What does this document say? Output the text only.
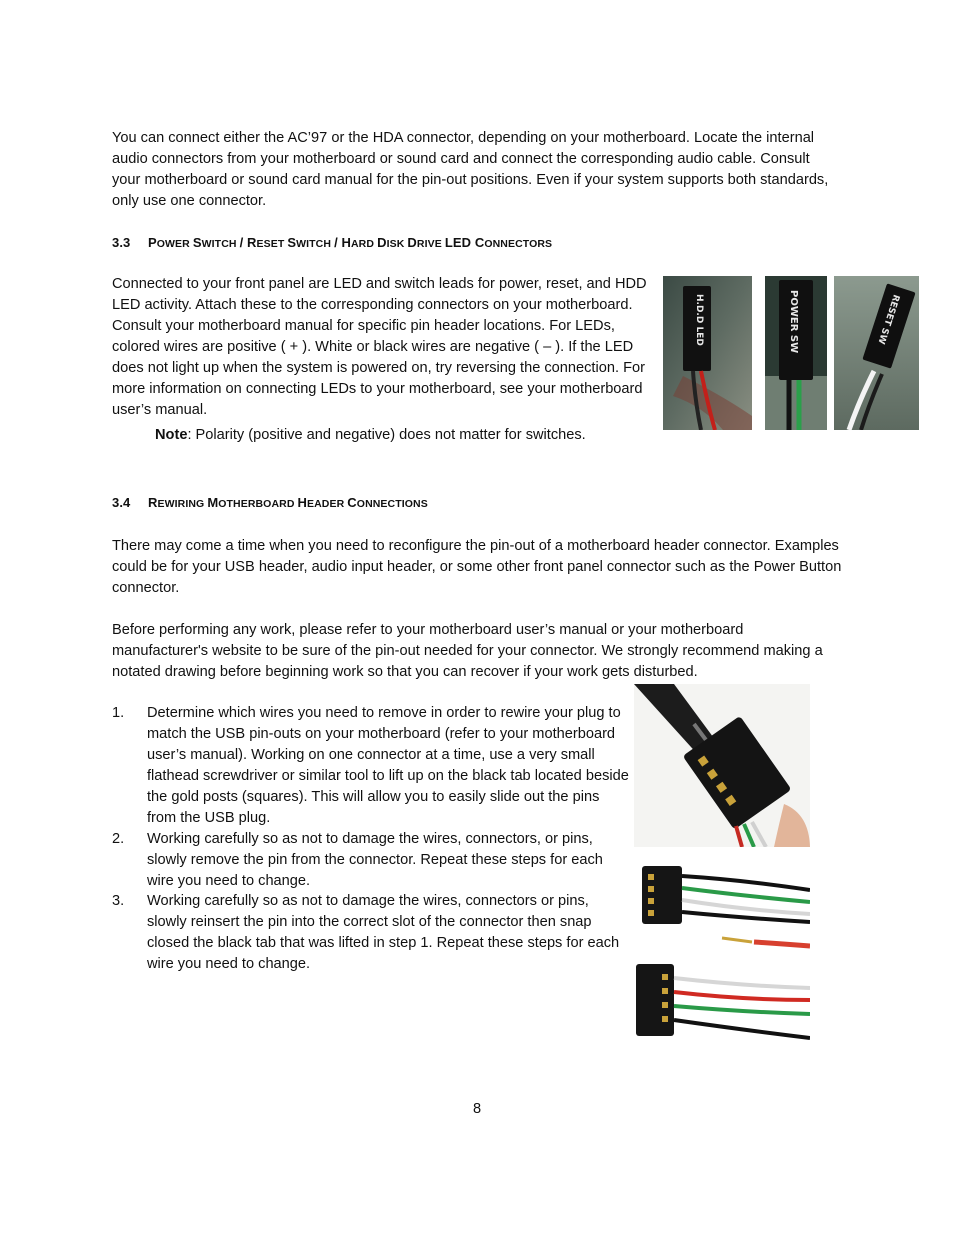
You can connect either the AC’97 or the HDA connector, depending on your motherboard. Locate the internal audio connectors from your motherboard or sound card and connect the corresponding audio cable. Consult your motherboard or sound card manual for the pin-out positions. Even if your system supports both standards, only use one connector.

3.3 POWER SWITCH / RESET SWITCH / HARD DISK DRIVE LED CONNECTORS

Connected to your front panel are LED and switch leads for power, reset, and HDD LED activity. Attach these to the corresponding connectors on your motherboard. Consult your motherboard manual for specific pin header locations. For LEDs, colored wires are positive ( + ). White or black wires are negative ( – ). If the LED does not light up when the system is powered on, try reversing the connection. For more information on connecting LEDs to your motherboard, see your motherboard user’s manual.

Note: Polarity (positive and negative) does not matter for switches.

H.D.D LED	POWER SW	RESET SW
3.4 REWIRING MOTHERBOARD HEADER CONNECTIONS

There may come a time when you need to reconfigure the pin-out of a motherboard header connector. Examples could be for your USB header, audio input header, or some other front panel connector such as the Power Button connector.

Before performing any work, please refer to your motherboard user’s manual or your motherboard manufacturer's website to be sure of the pin-out needed for your connector. We strongly recommend making a notated drawing before beginning work so that you can recover if your work gets disturbed.

1. Determine which wires you need to remove in order to rewire your plug to match the USB pin-outs on your motherboard (refer to your motherboard user’s manual). Working on one connector at a time, use a very small flathead screwdriver or similar tool to lift up on the black tab located beside the gold posts (squares). This will allow you to easily slide out the pins from the USB plug.
2. Working carefully so as not to damage the wires, connectors, or pins, slowly remove the pin from the connector. Repeat these steps for each wire you need to change.
3. Working carefully so as not to damage the wires, connectors or pins, slowly reinsert the pin into the correct slot of the connector then snap closed the black tab that was lifted in step 1. Repeat these steps for each wire you need to change.
8
